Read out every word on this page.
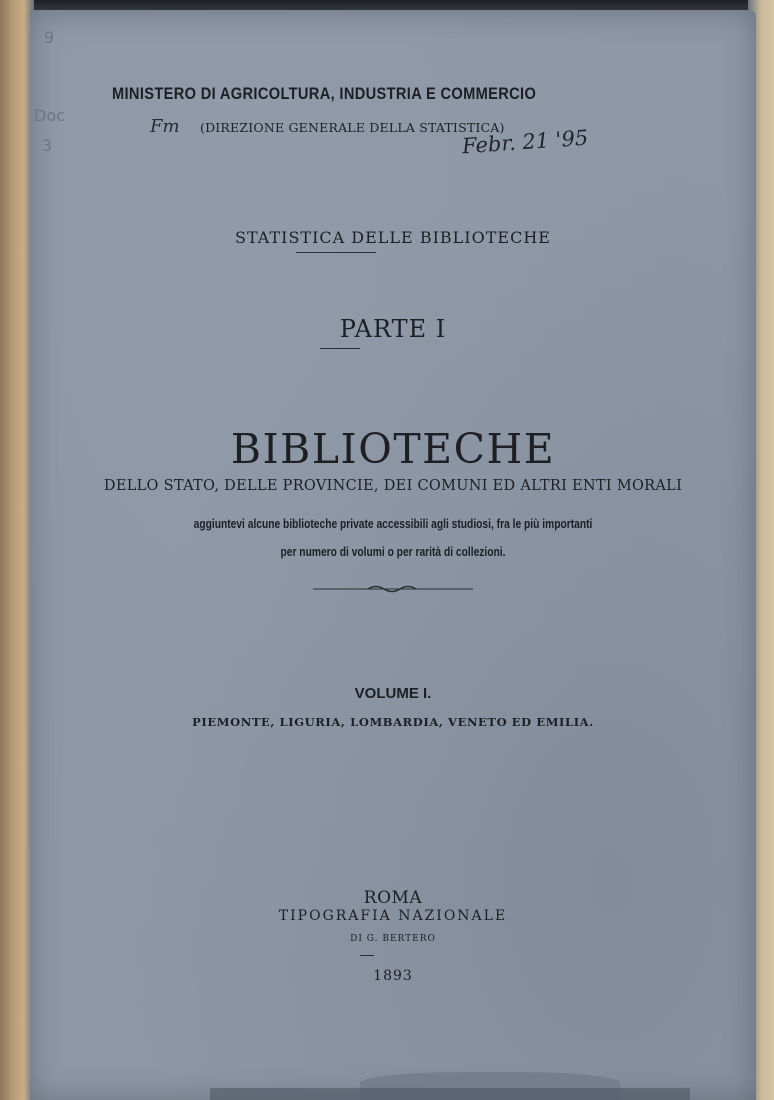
9
Doc
3
MINISTERO DI AGRICOLTURA, INDUSTRIA E COMMERCIO
Fm (DIREZIONE GENERALE DELLA STATISTICA)
Febr. 21 '95
STATISTICA DELLE BIBLIOTECHE
PARTE I
BIBLIOTECHE
DELLO STATO, DELLE PROVINCIE, DEI COMUNI ED ALTRI ENTI MORALI
aggiuntevi alcune biblioteche private accessibili agli studiosi, fra le più importanti
per numero di volumi o per rarità di collezioni.
VOLUME I.
PIEMONTE, LIGURIA, LOMBARDIA, VENETO ED EMILIA.
ROMA
TIPOGRAFIA NAZIONALE
DI G. BERTERO
1893
